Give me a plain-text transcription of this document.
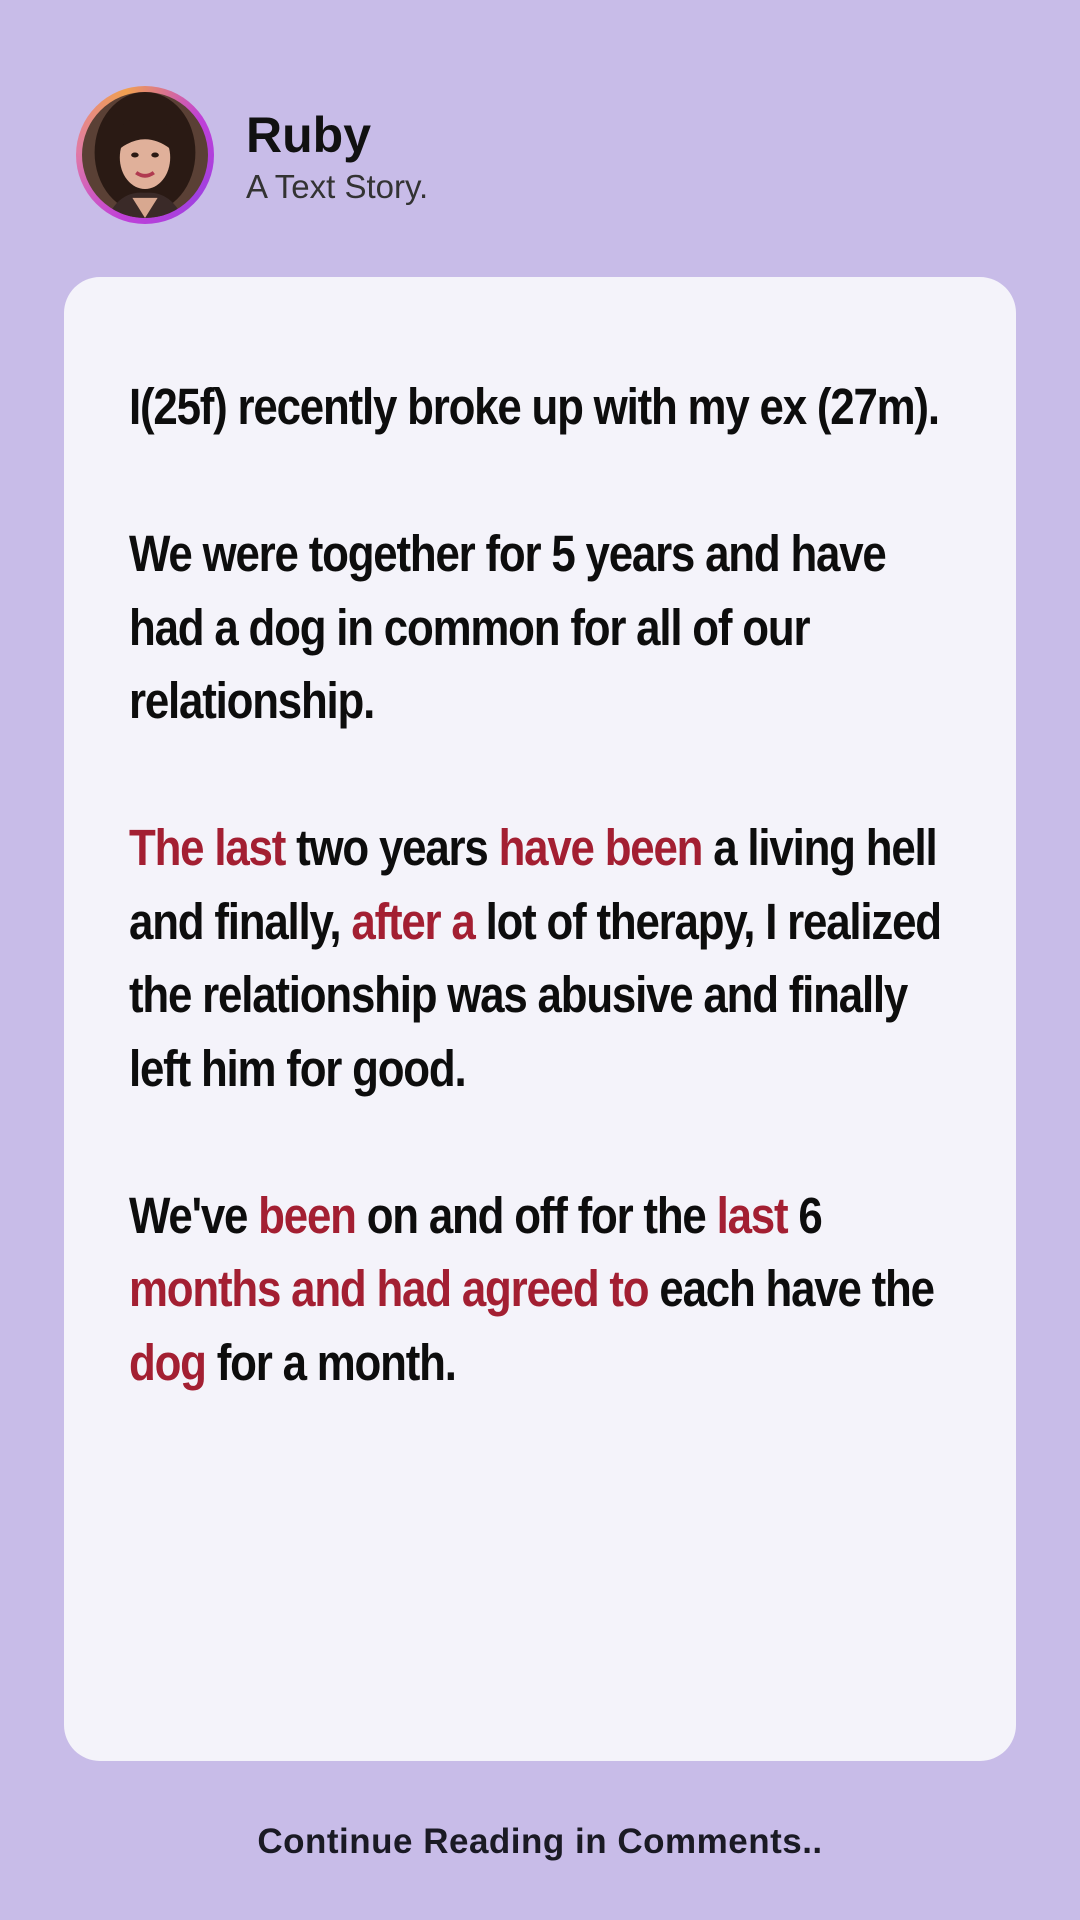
Ruby
A Text Story.

I(25f) recently broke up with my ex (27m).

We were together for 5 years and have had a dog in common for all of our relationship.

The last two years have been a living hell and finally, after a lot of therapy, I realized the relationship was abusive and finally left him for good.

We've been on and off for the last 6 months and had agreed to each have the dog for a month.

Continue Reading in Comments..
